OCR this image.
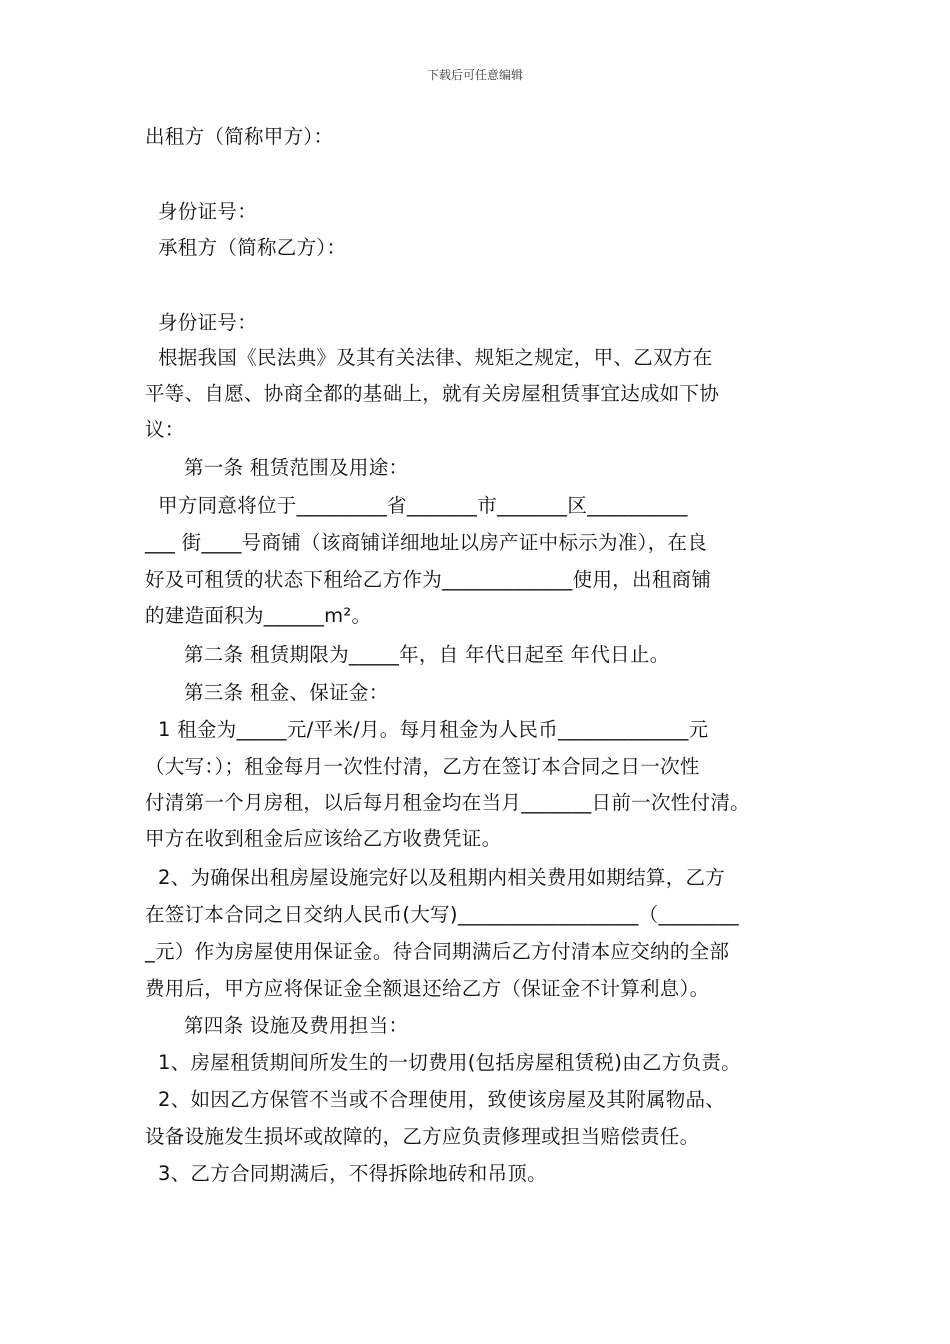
下载后可任意编辑
出租方（简称甲方）：
身份证号：
承租方（简称乙方）：
身份证号：
根据我国《民法典》及其有关法律、规矩之规定，甲、乙双方在
平等、自愿、协商全都的基础上，就有关房屋租赁事宜达成如下协
议：
第一条 租赁范围及用途：
甲方同意将位于_________省_______市_______区__________
___ 街____号商铺（该商铺详细地址以房产证中标示为准），在良
好及可租赁的状态下租给乙方作为_____________使用，出租商铺
的建造面积为______m²。
第二条 租赁期限为_____年，自 年代日起至 年代日止。
第三条 租金、保证金：
1 租金为_____元/平米/月。每月租金为人民币_____________元
（大写：）；租金每月一次性付清，乙方在签订本合同之日一次性
付清第一个月房租，以后每月租金均在当月_______日前一次性付清。
甲方在收到租金后应该给乙方收费凭证。
2、为确保出租房屋设施完好以及租期内相关费用如期结算，乙方
在签订本合同之日交纳人民币(大写)__________________（________
_元）作为房屋使用保证金。待合同期满后乙方付清本应交纳的全部
费用后，甲方应将保证金全额退还给乙方（保证金不计算利息）。
第四条 设施及费用担当：
1、房屋租赁期间所发生的一切费用(包括房屋租赁税)由乙方负责。
2、如因乙方保管不当或不合理使用，致使该房屋及其附属物品、
设备设施发生损坏或故障的，乙方应负责修理或担当赔偿责任。
3、乙方合同期满后，不得拆除地砖和吊顶。
